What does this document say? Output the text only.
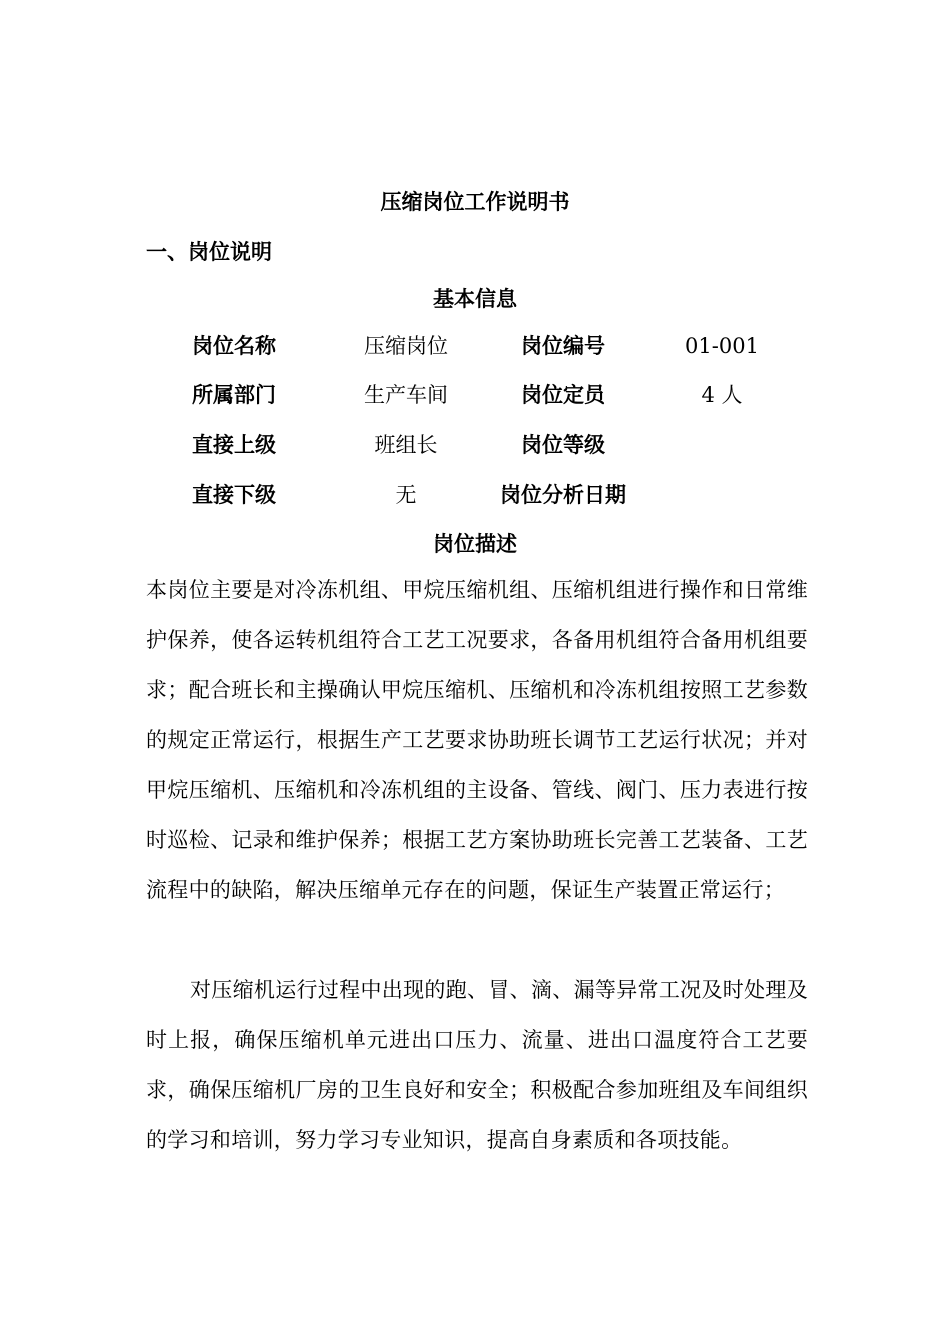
压缩岗位工作说明书
一、岗位说明
基本信息
岗位名称	压缩岗位	岗位编号	01-001
所属部门	生产车间	岗位定员	4 人
直接上级	班组长	岗位等级
直接下级	无	岗位分析日期
岗位描述
本岗位主要是对冷冻机组、甲烷压缩机组、压缩机组进行操作和日常维护保养，使各运转机组符合工艺工况要求，各备用机组符合备用机组要求；配合班长和主操确认甲烷压缩机、压缩机和冷冻机组按照工艺参数的规定正常运行，根据生产工艺要求协助班长调节工艺运行状况；并对甲烷压缩机、压缩机和冷冻机组的主设备、管线、阀门、压力表进行按时巡检、记录和维护保养；根据工艺方案协助班长完善工艺装备、工艺流程中的缺陷，解决压缩单元存在的问题，保证生产装置正常运行；
对压缩机运行过程中出现的跑、冒、滴、漏等异常工况及时处理及时上报，确保压缩机单元进出口压力、流量、进出口温度符合工艺要求，确保压缩机厂房的卫生良好和安全；积极配合参加班组及车间组织的学习和培训，努力学习专业知识，提高自身素质和各项技能。
